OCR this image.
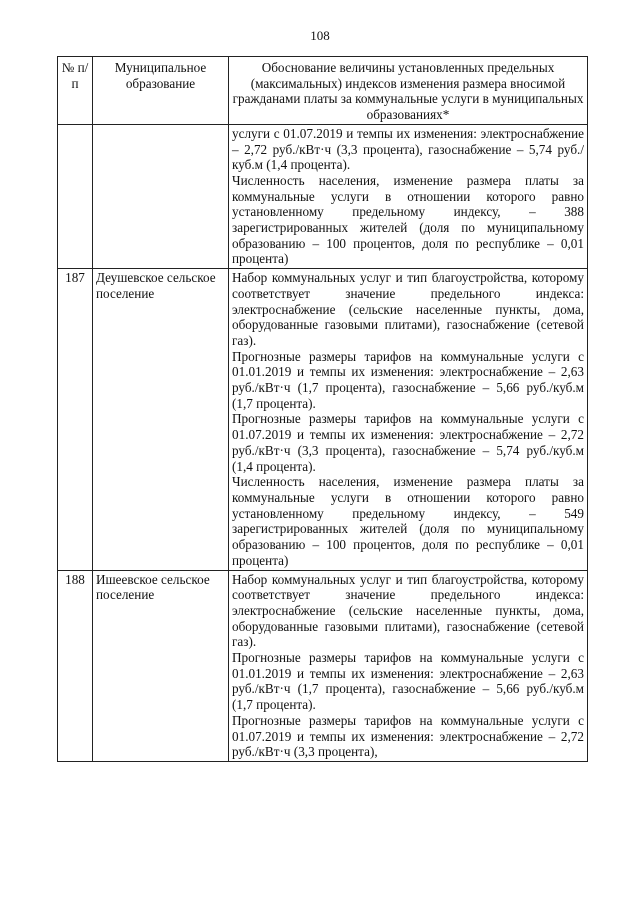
108
№ п/п	Муниципальное образование	Обоснование величины установленных предельных (максимальных) индексов изменения размера вносимой гражданами платы за коммунальные услуги в муниципальных образованиях*

		услуги с 01.07.2019 и темпы их изменения: электроснабжение – 2,72 руб./кВт·ч (3,3 процента), газоснабжение – 5,74 руб./куб.м (1,4 процента).
Численность населения, изменение размера платы за коммунальные услуги в отношении которого равно установленному предельному индексу, – 388 зарегистрированных жителей (доля по муниципальному образованию – 100 процентов, доля по республике – 0,01 процента)

187	Деушевское сельское поселение	Набор коммунальных услуг и тип благоустройства, которому соответствует значение предельного индекса: электроснабжение (сельские населенные пункты, дома, оборудованные газовыми плитами), газоснабжение (сетевой газ).
Прогнозные размеры тарифов на коммунальные услуги с 01.01.2019 и темпы их изменения: электроснабжение – 2,63 руб./кВт·ч (1,7 процента), газоснабжение – 5,66 руб./куб.м (1,7 процента).
Прогнозные размеры тарифов на коммунальные услуги с 01.07.2019 и темпы их изменения: электроснабжение – 2,72 руб./кВт·ч (3,3 процента), газоснабжение – 5,74 руб./куб.м (1,4 процента).
Численность населения, изменение размера платы за коммунальные услуги в отношении которого равно установленному предельному индексу, – 549 зарегистрированных жителей (доля по муниципальному образованию – 100 процентов, доля по республике – 0,01 процента)

188	Ишеевское сельское поселение	Набор коммунальных услуг и тип благоустройства, которому соответствует значение предельного индекса: электроснабжение (сельские населенные пункты, дома, оборудованные газовыми плитами), газоснабжение (сетевой газ).
Прогнозные размеры тарифов на коммунальные услуги с 01.01.2019 и темпы их изменения: электроснабжение – 2,63 руб./кВт·ч (1,7 процента), газоснабжение – 5,66 руб./куб.м (1,7 процента).
Прогнозные размеры тарифов на коммунальные услуги с 01.07.2019 и темпы их изменения: электроснабжение – 2,72 руб./кВт·ч (3,3 процента),
